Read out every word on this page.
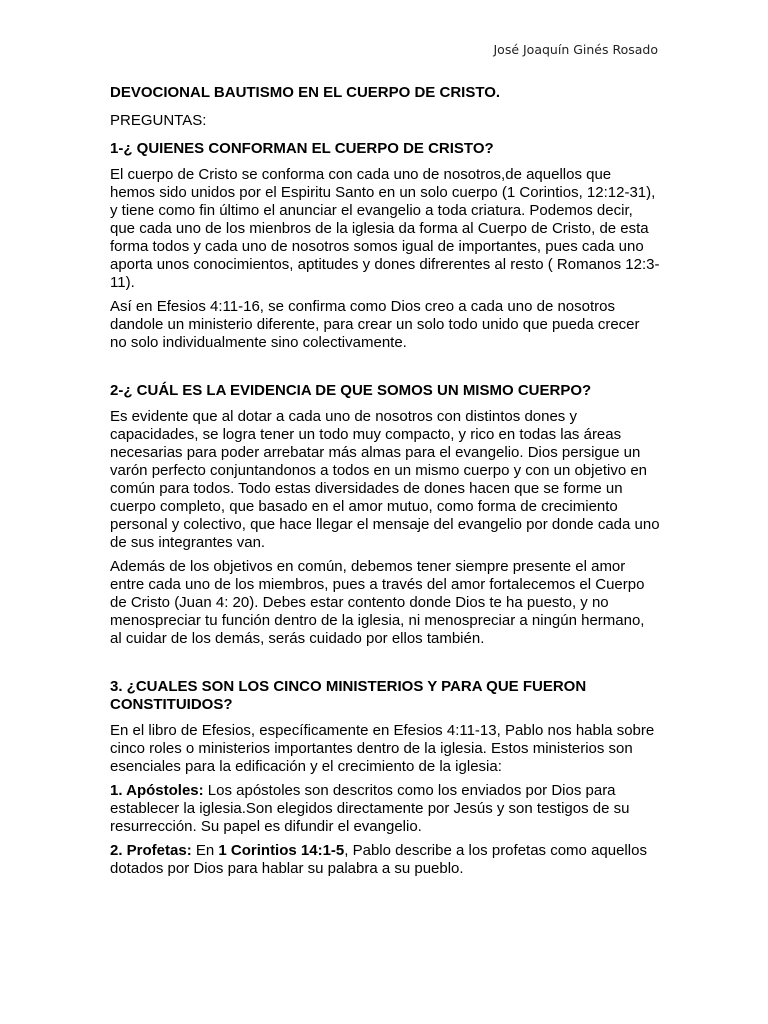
José Joaquín Ginés Rosado

DEVOCIONAL BAUTISMO EN EL CUERPO DE CRISTO.

PREGUNTAS:

1-¿ QUIENES CONFORMAN EL CUERPO DE CRISTO?

El cuerpo de Cristo se conforma con cada uno de nosotros,de aquellos que hemos sido unidos por el Espiritu Santo en un solo cuerpo (1 Corintios, 12:12-31), y tiene como fin último el anunciar el evangelio a toda criatura. Podemos decir, que cada uno de los mienbros de la iglesia da forma al Cuerpo de Cristo, de esta forma todos y cada uno de nosotros somos igual de importantes, pues cada uno aporta unos conocimientos, aptitudes y dones difrerentes al resto ( Romanos 12:3-11).

Así en Efesios 4:11-16, se confirma como Dios creo a cada uno de nosotros dandole un ministerio diferente, para crear un solo todo unido que pueda crecer no solo individualmente sino colectivamente.

2-¿ CUÁL ES LA EVIDENCIA DE QUE SOMOS UN MISMO CUERPO?

Es evidente que al dotar a cada uno de nosotros con distintos dones y capacidades, se logra tener un todo muy compacto, y rico en todas las áreas necesarias para poder arrebatar más almas para el evangelio. Dios persigue un varón perfecto conjuntandonos a todos en un mismo cuerpo y con un objetivo en común para todos. Todo estas diversidades de dones hacen que se forme un cuerpo completo, que basado en el amor mutuo, como forma de crecimiento personal y colectivo, que hace llegar el mensaje del evangelio por donde cada uno de sus integrantes van.

Además de los objetivos en común, debemos tener siempre presente el amor entre cada uno de los miembros, pues a través del amor fortalecemos el Cuerpo de Cristo (Juan 4: 20). Debes estar contento donde Dios te ha puesto, y no menospreciar tu función dentro de la iglesia, ni menospreciar a ningún hermano, al cuidar de los demás, serás cuidado por ellos también.

3. ¿CUALES SON LOS CINCO MINISTERIOS Y PARA QUE FUERON CONSTITUIDOS?

En el libro de Efesios, específicamente en Efesios 4:11-13, Pablo nos habla sobre cinco roles o ministerios importantes dentro de la iglesia. Estos ministerios son esenciales para la edificación y el crecimiento de la iglesia:

1. Apóstoles: Los apóstoles son descritos como los enviados por Dios para establecer la iglesia.Son elegidos directamente por Jesús y son testigos de su resurrección. Su papel es difundir el evangelio.

2. Profetas: En 1 Corintios 14:1-5, Pablo describe a los profetas como aquellos dotados por Dios para hablar su palabra a su pueblo.
